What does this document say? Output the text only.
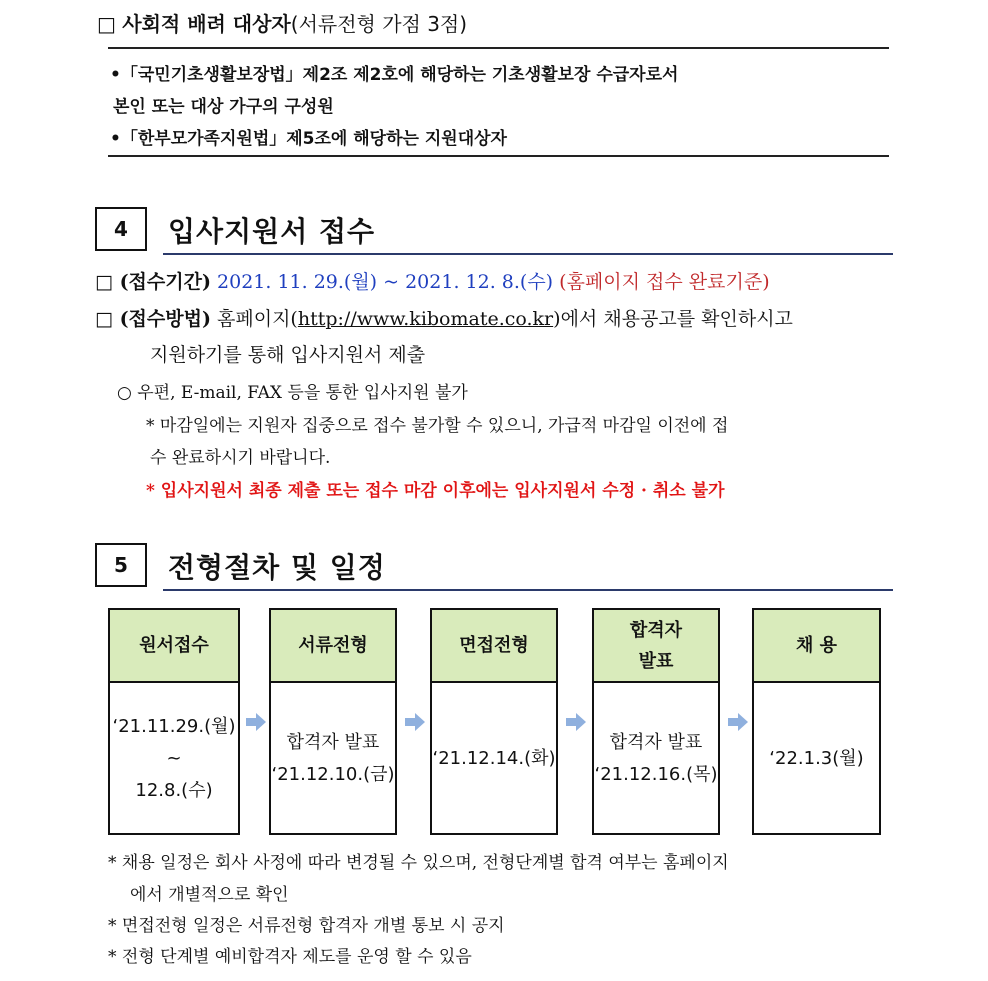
□ 사회적 배려 대상자(서류전형 가점 3점)
•「국민기초생활보장법」제2조 제2호에 해당하는 기초생활보장 수급자로서
본인 또는 대상 가구의 구성원
•「한부모가족지원법」제5조에 해당하는 지원대상자
4	입사지원서 접수
□ (접수기간) 2021. 11. 29.(월) ~ 2021. 12. 8.(수) (홈페이지 접수 완료기준)
□ (접수방법) 홈페이지(http://www.kibomate.co.kr)에서 채용공고를 확인하시고
지원하기를 통해 입사지원서 제출
○ 우편, E-mail, FAX 등을 통한 입사지원 불가
* 마감일에는 지원자 집중으로 접수 불가할 수 있으니, 가급적 마감일 이전에 접
수 완료하시기 바랍니다.
* 입사지원서 최종 제출 또는 접수 마감 이후에는 입사지원서 수정 · 취소 불가
5	전형절차 및 일정
원서접수
‘21.11.29.(월)
~
12.8.(수)
서류전형
합격자 발표
‘21.12.10.(금)
면접전형
‘21.12.14.(화)
합격자
발표
합격자 발표
‘21.12.16.(목)
채 용
‘22.1.3(월)
* 채용 일정은 회사 사정에 따라 변경될 수 있으며, 전형단계별 합격 여부는 홈페이지
에서 개별적으로 확인
* 면접전형 일정은 서류전형 합격자 개별 통보 시 공지
* 전형 단계별 예비합격자 제도를 운영 할 수 있음
